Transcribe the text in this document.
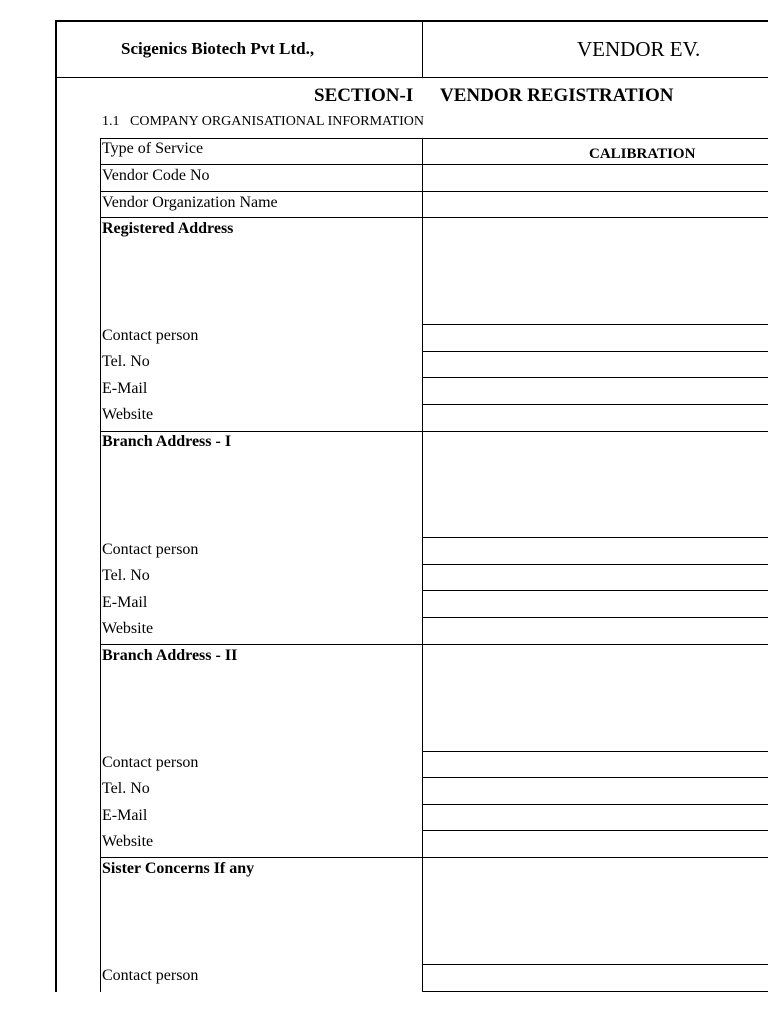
Scigenics Biotech Pvt Ltd.,	VENDOR EV.
SECTION-I VENDOR REGISTRATION
1.1 COMPANY ORGANISATIONAL INFORMATION
Type of Service	CALIBRATION
Vendor Code No
Vendor Organization Name
Registered Address
Contact person
Tel. No
E-Mail
Website
Branch Address - I
Contact person
Tel. No
E-Mail
Website
Branch Address - II
Contact person
Tel. No
E-Mail
Website
Sister Concerns If any
Contact person
